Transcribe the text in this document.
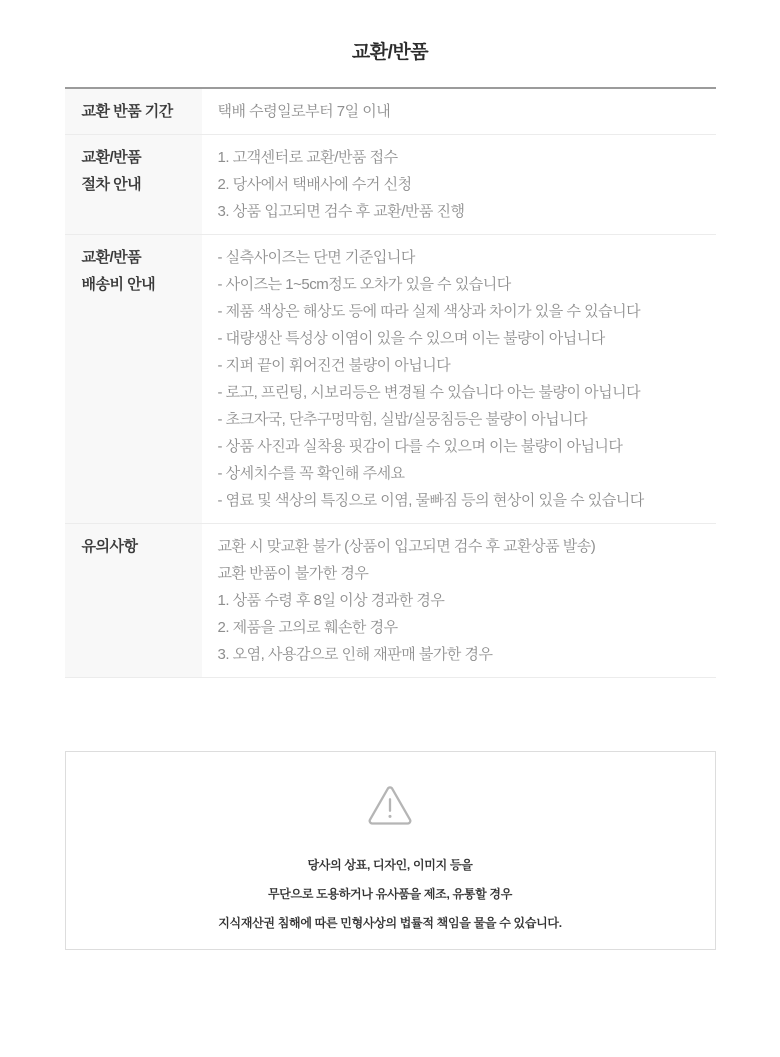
교환/반품
교환 반품 기간	택배 수령일로부터 7일 이내
교환/반품
절차 안내
1. 고객센터로 교환/반품 접수
2. 당사에서 택배사에 수거 신청
3. 상품 입고되면 검수 후 교환/반품 진행
교환/반품
배송비 안내
- 실측사이즈는 단면 기준입니다
- 사이즈는 1~5cm정도 오차가 있을 수 있습니다
- 제품 색상은 해상도 등에 따라 실제 색상과 차이가 있을 수 있습니다
- 대량생산 특성상 이염이 있을 수 있으며 이는 불량이 아닙니다
- 지퍼 끝이 휘어진건 불량이 아닙니다
- 로고, 프린팅, 시보리등은 변경될 수 있습니다 아는 불량이 아닙니다
- 초크자국, 단추구멍막힘, 실밥/실뭉침등은 불량이 아닙니다
- 상품 사진과 실착용 핏감이 다를 수 있으며 이는 불량이 아닙니다
- 상세치수를 꼭 확인해 주세요
- 염료 및 색상의 특징으로 이염, 물빠짐 등의 현상이 있을 수 있습니다
유의사항	교환 시 맞교환 불가 (상품이 입고되면 검수 후 교환상품 발송)
교환 반품이 불가한 경우
1. 상품 수령 후 8일 이상 경과한 경우
2. 제품을 고의로 훼손한 경우
3. 오염, 사용감으로 인해 재판매 불가한 경우
당사의 상표, 디자인, 이미지 등을
무단으로 도용하거나 유사품을 제조, 유통할 경우
지식재산권 침해에 따른 민형사상의 법률적 책임을 물을 수 있습니다.
